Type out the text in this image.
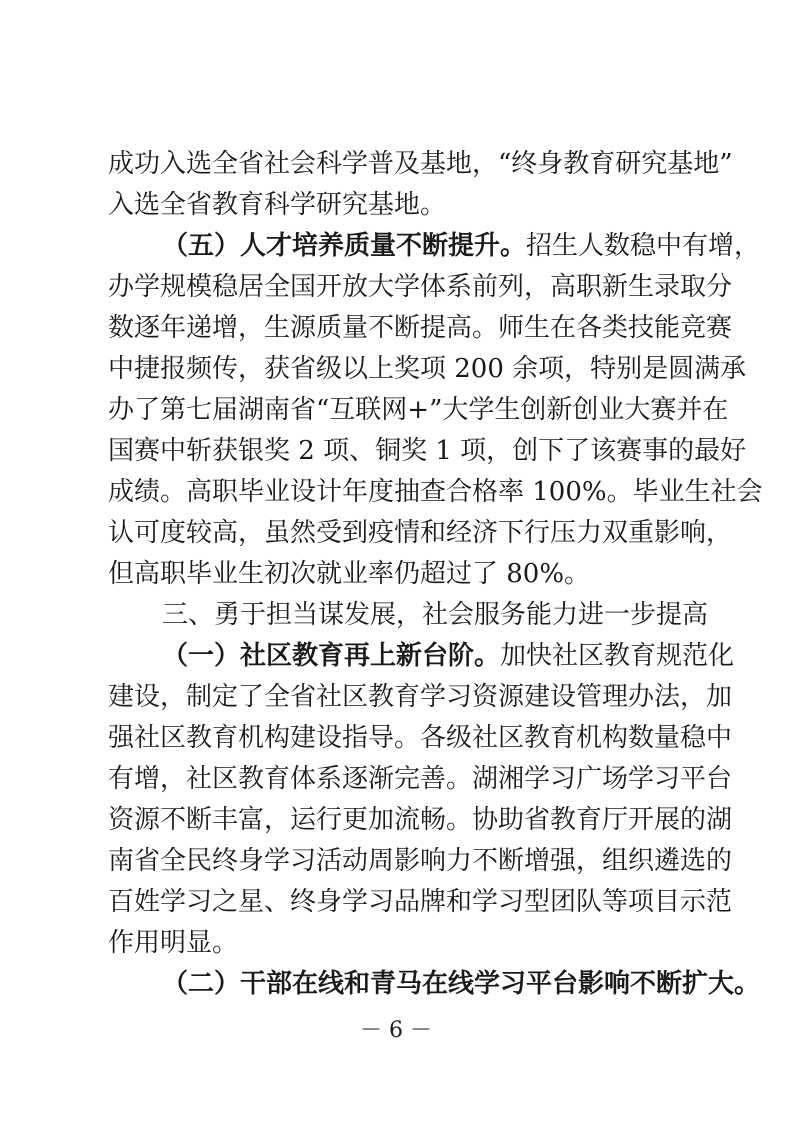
成功入选全省社会科学普及基地，“终身教育研究基地”
入选全省教育科学研究基地。
（五）人才培养质量不断提升。招生人数稳中有增，
办学规模稳居全国开放大学体系前列，高职新生录取分
数逐年递增，生源质量不断提高。师生在各类技能竞赛
中捷报频传，获省级以上奖项 200 余项，特别是圆满承
办了第七届湖南省“互联网+”大学生创新创业大赛并在
国赛中斩获银奖 2 项、铜奖 1 项，创下了该赛事的最好
成绩。高职毕业设计年度抽查合格率 100%。毕业生社会
认可度较高，虽然受到疫情和经济下行压力双重影响，
但高职毕业生初次就业率仍超过了 80%。
三、勇于担当谋发展，社会服务能力进一步提高
（一）社区教育再上新台阶。加快社区教育规范化
建设，制定了全省社区教育学习资源建设管理办法，加
强社区教育机构建设指导。各级社区教育机构数量稳中
有增，社区教育体系逐渐完善。湖湘学习广场学习平台
资源不断丰富，运行更加流畅。协助省教育厅开展的湖
南省全民终身学习活动周影响力不断增强，组织遴选的
百姓学习之星、终身学习品牌和学习型团队等项目示范
作用明显。
（二）干部在线和青马在线学习平台影响不断扩大。
－ 6 －
